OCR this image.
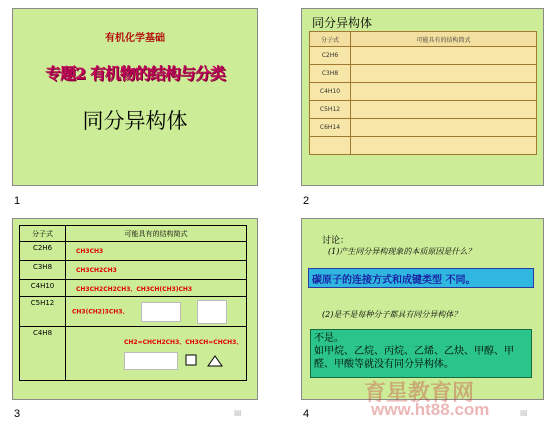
有机化学基础
专题2 有机物的结构与分类
同分异构体
1
同分异构体
分子式	可能具有的结构简式
C2H6	
C3H8	
C4H10	
C5H12	
C6H14	

2
分子式	可能具有的结构简式
C2H6	CH3CH3
C3H8	CH3CH2CH3
C4H10	CH3CH2CH2CH3、CH3CH(CH3)CH3
C5H12	CH3(CH2)3CH3、
C4H8	CH2=CHCH2CH3、CH3CH=CHCH3、

3	▤
讨论：
(1)产生同分异构现象的本质原因是什么？
碳原子的连接方式和成键类型 不同。
(2)是不是每种分子都具有同分异构体？
不是。
如甲烷、乙烷、丙烷、乙烯、乙炔、甲醇、甲醛、甲酸等就没有同分异构体。
4	▤
育星教育网
www.ht88.com
